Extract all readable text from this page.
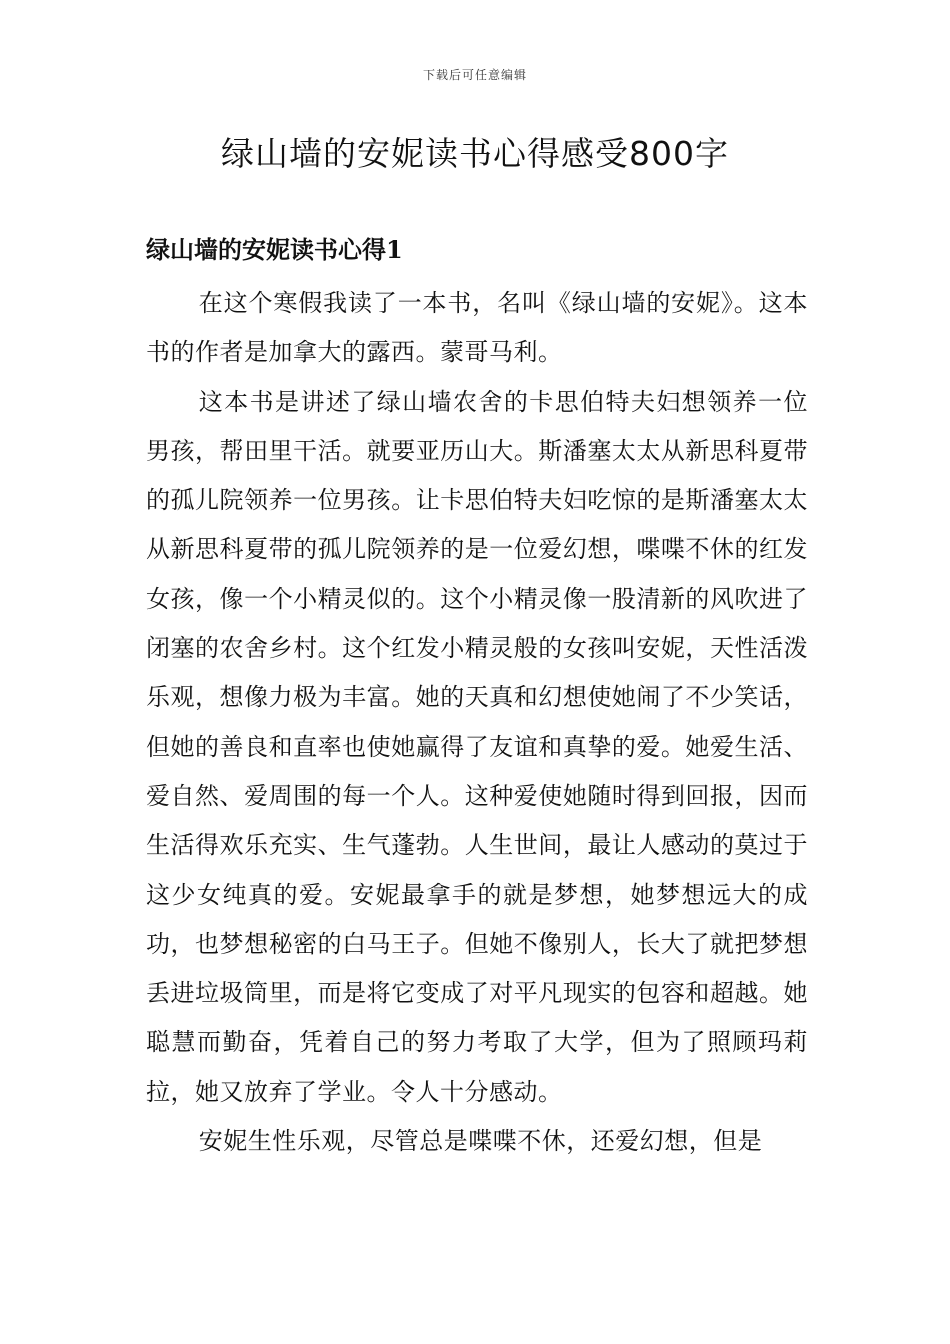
下载后可任意编辑
绿山墙的安妮读书心得感受800字
绿山墙的安妮读书心得1

在这个寒假我读了一本书，名叫《绿山墙的安妮》。这本书的作者是加拿大的露西。蒙哥马利。

这本书是讲述了绿山墙农舍的卡思伯特夫妇想领养一位男孩，帮田里干活。就要亚历山大。斯潘塞太太从新思科夏带的孤儿院领养一位男孩。让卡思伯特夫妇吃惊的是斯潘塞太太从新思科夏带的孤儿院领养的是一位爱幻想，喋喋不休的红发女孩，像一个小精灵似的。这个小精灵像一股清新的风吹进了闭塞的农舍乡村。这个红发小精灵般的女孩叫安妮，天性活泼乐观，想像力极为丰富。她的天真和幻想使她闹了不少笑话，但她的善良和直率也使她赢得了友谊和真挚的爱。她爱生活、爱自然、爱周围的每一个人。这种爱使她随时得到回报，因而生活得欢乐充实、生气蓬勃。人生世间，最让人感动的莫过于这少女纯真的爱。安妮最拿手的就是梦想，她梦想远大的成功，也梦想秘密的白马王子。但她不像别人，长大了就把梦想丢进垃圾筒里，而是将它变成了对平凡现实的包容和超越。她聪慧而勤奋，凭着自己的努力考取了大学，但为了照顾玛莉拉，她又放弃了学业。令人十分感动。

安妮生性乐观，尽管总是喋喋不休，还爱幻想，但是
